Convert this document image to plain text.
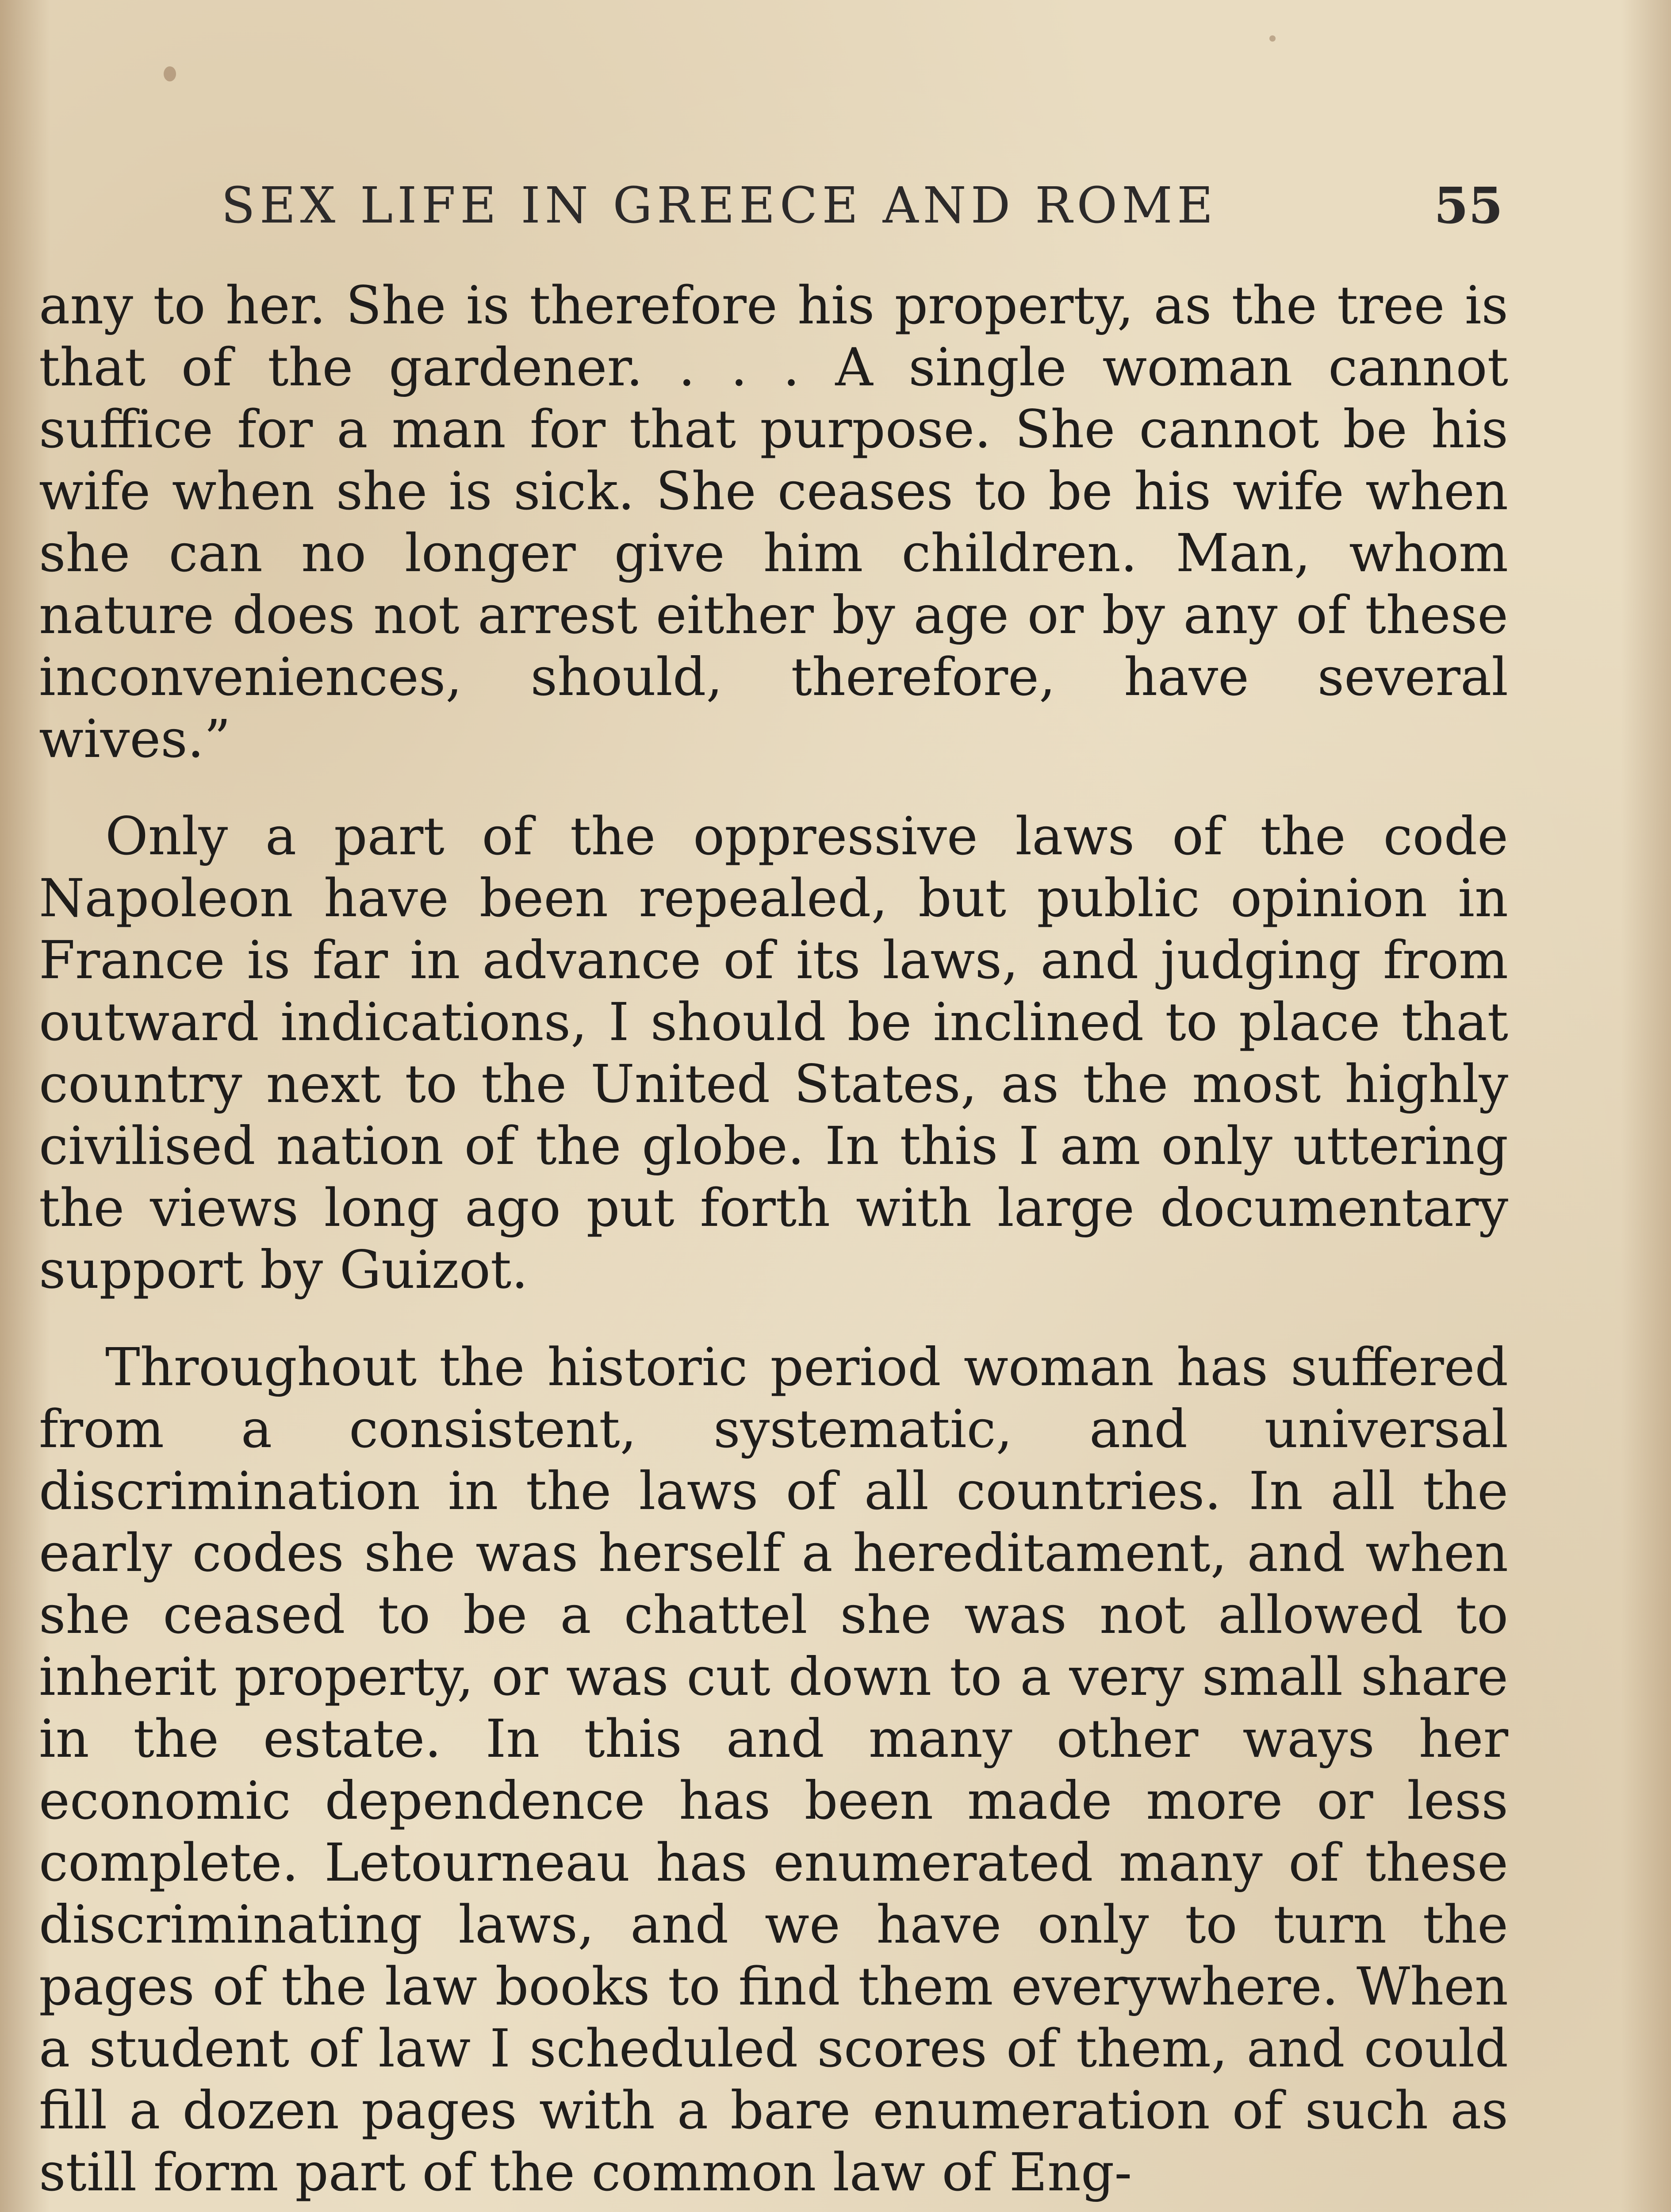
SEX LIFE IN GREECE AND ROME	55

any to her. She is therefore his property, as the tree is that of the gardener. . . . A single woman cannot suffice for a man for that purpose. She cannot be his wife when she is sick. She ceases to be his wife when she can no longer give him children. Man, whom nature does not arrest either by age or by any of these inconveniences, should, therefore, have several wives.”

Only a part of the oppressive laws of the code Napoleon have been repealed, but public opinion in France is far in advance of its laws, and judging from outward indications, I should be inclined to place that country next to the United States, as the most highly civilised nation of the globe. In this I am only uttering the views long ago put forth with large documentary support by Guizot.

Throughout the historic period woman has suffered from a consistent, systematic, and universal discrimination in the laws of all countries. In all the early codes she was herself a hereditament, and when she ceased to be a chattel she was not allowed to inherit property, or was cut down to a very small share in the estate. In this and many other ways her economic dependence has been made more or less complete. Letourneau has enumerated many of these discriminating laws, and we have only to turn the pages of the law books to find them everywhere. When a student of law I scheduled scores of them, and could fill a dozen pages with a bare enumeration of such as still form part of the common law of Eng-
